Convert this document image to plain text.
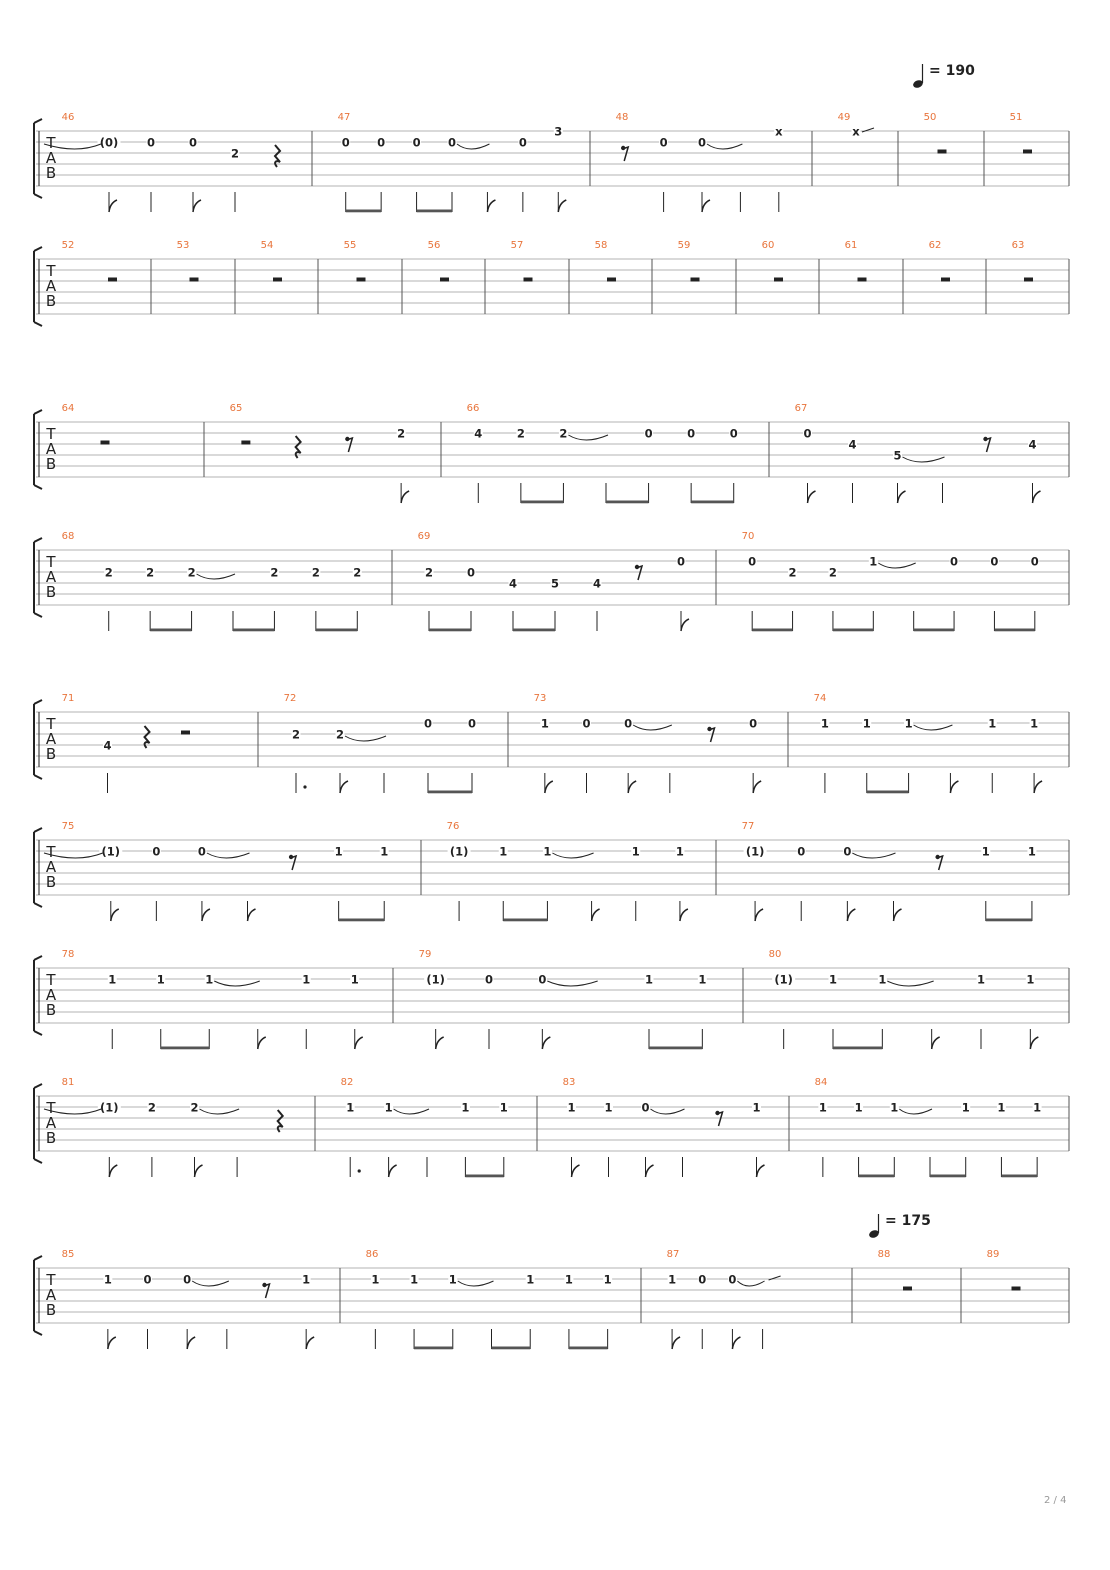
= 190
= 175
T
A
B
46
(0) 0	0
2
47
0 0 0 0	0
3
48
0	0
x
49
x
50	51
T
A
B
52	53	54	55	56	57	58	59	60	61	62	63
T
A
B
64	65
2
66
4	2	2	0	0	0
67
0
4
5
4
T
A
B
68
2	2	2	2	2	2
69
2	0
4	5	4
0
70
0
2	2
1	0	0	0
T
A
B
71
4
72
2	2
0	0
73
1	0	0	0
74
1	1	1	1	1
T
A
B
75
(1)	0	0	1	1
76
(1)	1	1	1	1
77
(1)	0	0	1	1
T
A
B
78
1	1	1	1	1
79
(1)	0	0	1	1
80
(1)	1	1	1	1
T
A
B
81
(1)	2	2
82
1	1	1	1
83
1	1	0	1
84
1 1 1	1 1 1
T
A
B
85
1	0	0	1
86
1	1	1	1	1	1
87
1 0 0
88	89
2 / 4
